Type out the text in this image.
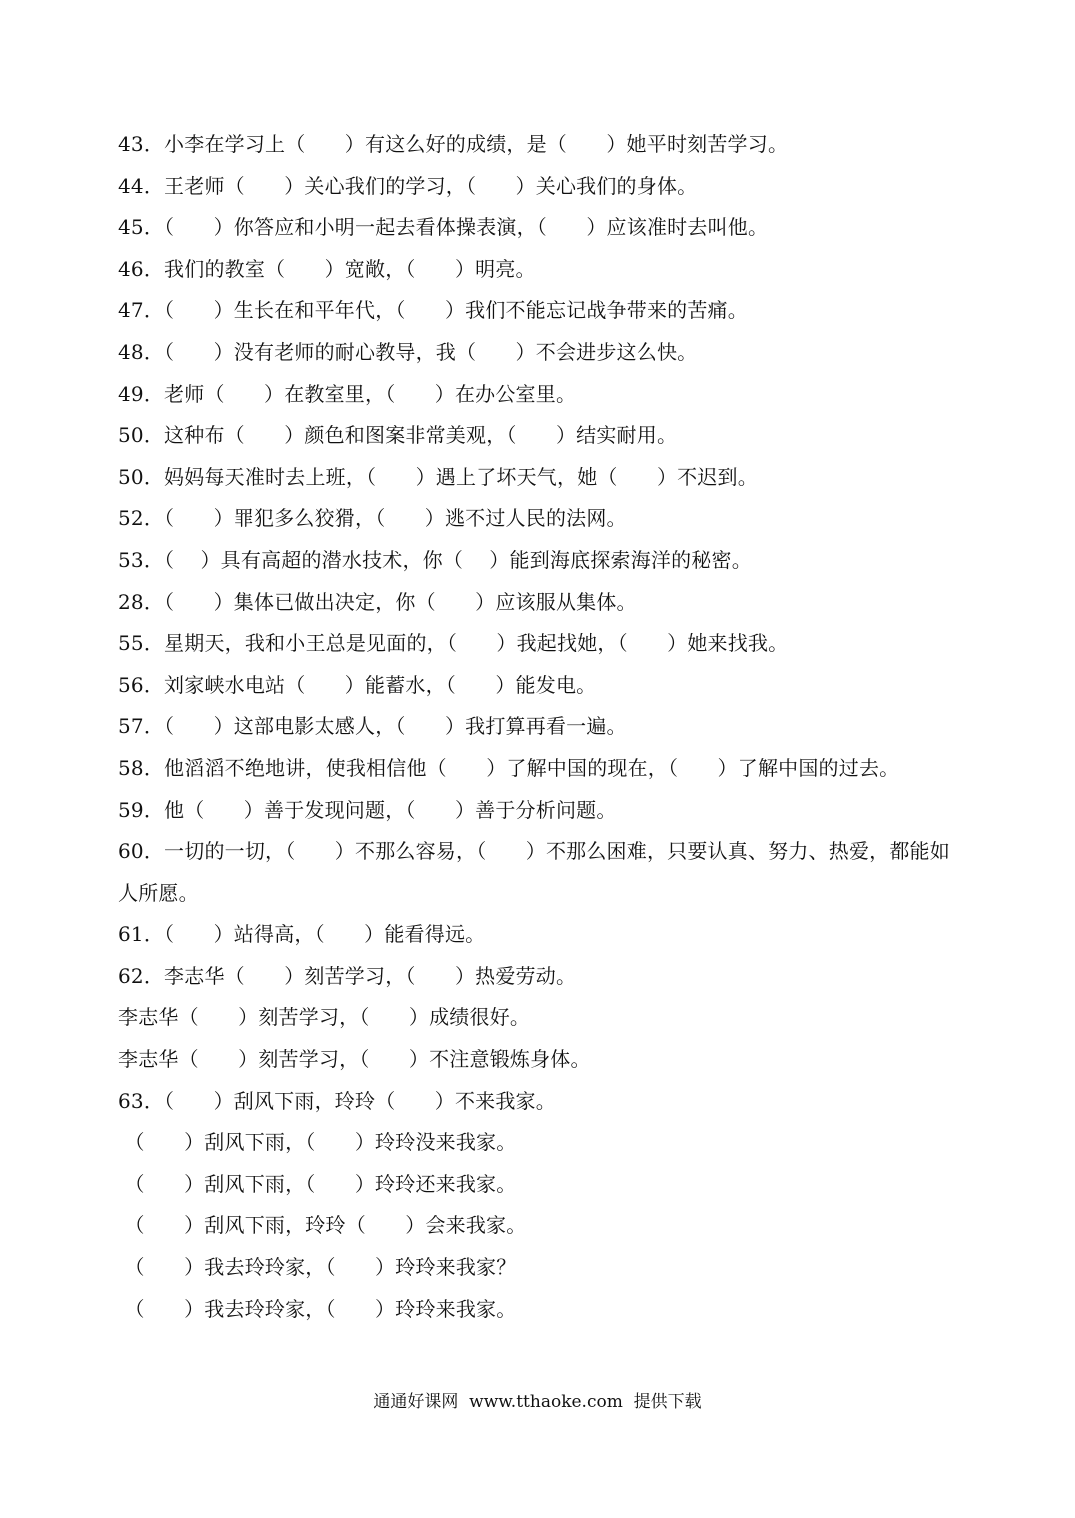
43．小李在学习上（      ）有这么好的成绩，是（      ）她平时刻苦学习。
44．王老师（      ）关心我们的学习，（      ）关心我们的身体。
45．（      ）你答应和小明一起去看体操表演，（      ）应该准时去叫他。
46．我们的教室（      ）宽敞，（      ）明亮。
47．（      ）生长在和平年代，（      ）我们不能忘记战争带来的苦痛。
48．（      ）没有老师的耐心教导，我（      ）不会进步这么快。
49．老师（      ）在教室里，（      ）在办公室里。
50．这种布（      ）颜色和图案非常美观，（      ）结实耐用。
50．妈妈每天准时去上班，（      ）遇上了坏天气，她（      ）不迟到。
52．（      ）罪犯多么狡猾，（      ）逃不过人民的法网。
53．（    ）具有高超的潜水技术，你（    ）能到海底探索海洋的秘密。
28．（      ）集体已做出决定，你（      ）应该服从集体。
55．星期天，我和小王总是见面的，（      ）我起找她，（      ）她来找我。
56．刘家峡水电站（      ）能蓄水，（      ）能发电。
57．（      ）这部电影太感人，（      ）我打算再看一遍。
58．他滔滔不绝地讲，使我相信他（      ）了解中国的现在，（      ）了解中国的过去。
59．他（      ）善于发现问题，（      ）善于分析问题。
60．一切的一切，（      ）不那么容易，（      ）不那么困难，只要认真、努力、热爱，都能如人所愿。
61．（      ）站得高，（      ）能看得远。
62．李志华（      ）刻苦学习，（      ）热爱劳动。
李志华（      ）刻苦学习，（      ）成绩很好。
李志华（      ）刻苦学习，（      ）不注意锻炼身体。
63．（      ）刮风下雨，玲玲（      ）不来我家。
（      ）刮风下雨，（      ）玲玲没来我家。
（      ）刮风下雨，（      ）玲玲还来我家。
（      ）刮风下雨，玲玲（      ）会来我家。
（      ）我去玲玲家，（      ）玲玲来我家？
（      ）我去玲玲家，（      ）玲玲来我家。
通通好课网  www.tthaoke.com  提供下载
